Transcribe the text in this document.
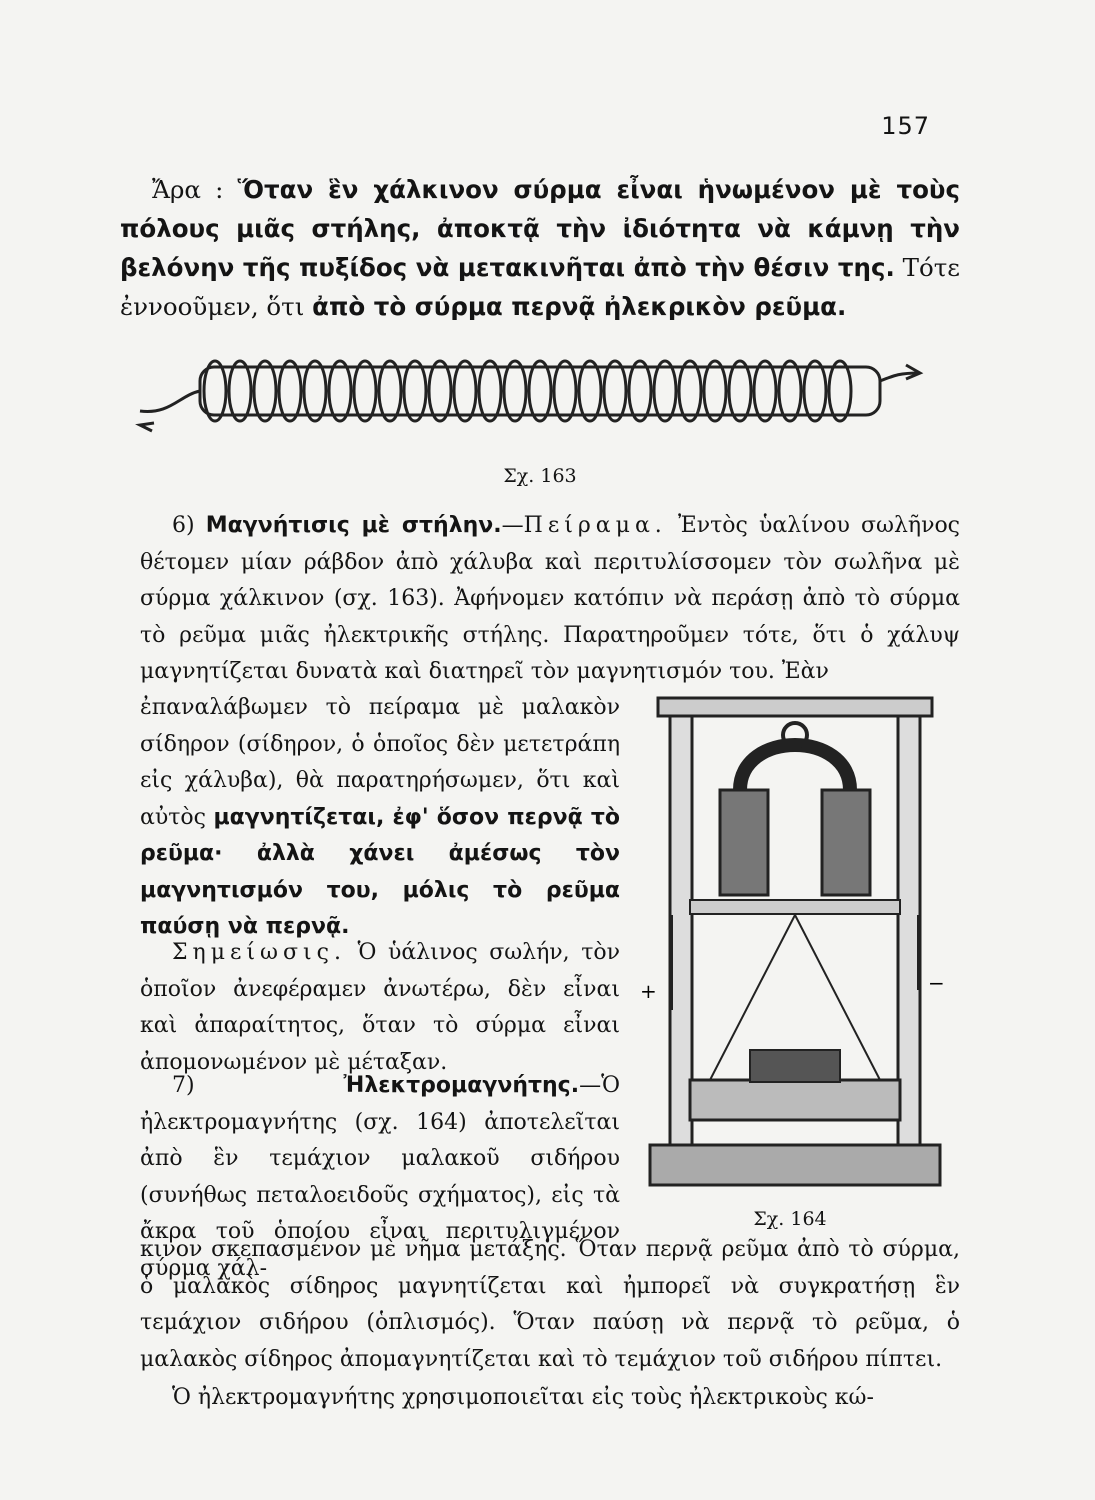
157

Ἄρα : Ὅταν ἓν χάλκινον σύρμα εἶναι ἡνωμένον μὲ τοὺς πόλους μιᾶς στήλης, ἀποκτᾷ τὴν ἰδιότητα νὰ κάμνῃ τὴν βελόνην τῆς πυξίδος νὰ μετακινῆται ἀπὸ τὴν θέσιν της. Τότε ἐννοοῦμεν, ὅτι ἀπὸ τὸ σύρμα περνᾷ ἠλεκρικὸν ρεῦμα.

Σχ. 163

6) Μαγνήτισις μὲ στήλην.—Πείραμα. Ἐντὸς ὑαλίνου σωλῆνος θέτομεν μίαν ράβδον ἀπὸ χάλυβα καὶ περιτυλίσσομεν τὸν σωλῆνα μὲ σύρμα χάλκινον (σχ. 163). Ἀφήνομεν κατόπιν νὰ περάσῃ ἀπὸ τὸ σύρμα τὸ ρεῦμα μιᾶς ἠλεκτρικῆς στήλης. Παρατηροῦμεν τότε, ὅτι ὁ χάλυψ μαγνητίζεται δυνατὰ καὶ διατηρεῖ τὸν μαγνητισμόν του. Ἐὰν

ἐπαναλάβωμεν τὸ πείραμα μὲ μαλακὸν σίδηρον (σίδηρον, ὁ ὁποῖος δὲν μετετράπη εἰς χάλυβα), θὰ παρατηρήσωμεν, ὅτι καὶ αὐτὸς μαγνητίζεται, ἐφ' ὅσον περνᾷ τὸ ρεῦμα· ἀλλὰ χάνει ἀμέσως τὸν μαγνητισμόν του, μόλις τὸ ρεῦμα παύσῃ νὰ περνᾷ.

Σημείωσις. Ὁ ὑάλινος σωλήν, τὸν ὁποῖον ἀνεφέραμεν ἀνωτέρω, δὲν εἶναι καὶ ἀπαραίτητος, ὅταν τὸ σύρμα εἶναι ἀπομονωμένον μὲ μέταξαν.

7) Ἠλεκτρομαγνήτης.—Ὁ ἠλεκτρομαγνήτης (σχ. 164) ἀποτελεῖται ἀπὸ ἓν τεμάχιον μαλακοῦ σιδήρου (συνήθως πεταλοειδοῦς σχήματος), εἰς τὰ ἄκρα τοῦ ὁποίου εἶναι περιτυλιγμένον σύρμα χάλ-

+	−
Σχ. 164

κινον σκεπασμένον μὲ νῆμα μετάξης. Ὅταν περνᾷ ρεῦμα ἀπὸ τὸ σύρμα, ὁ μαλακὸς σίδηρος μαγνητίζεται καὶ ἠμπορεῖ νὰ συγκρατήσῃ ἓν τεμάχιον σιδήρου (ὁπλισμός). Ὅταν παύσῃ νὰ περνᾷ τὸ ρεῦμα, ὁ μαλακὸς σίδηρος ἀπομαγνητίζεται καὶ τὸ τεμάχιον τοῦ σιδήρου πίπτει.

Ὁ ἠλεκτρομαγνήτης χρησιμοποιεῖται εἰς τοὺς ἠλεκτρικοὺς κώ-
